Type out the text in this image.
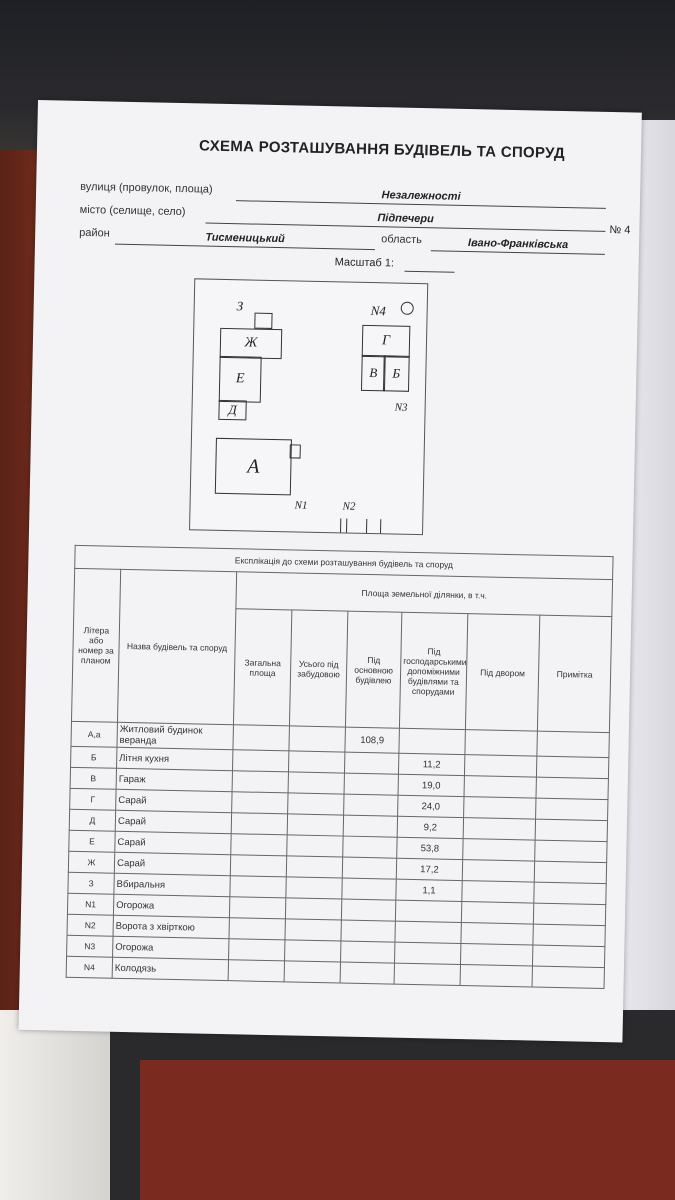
СХЕМА РОЗТАШУВАННЯ БУДІВЕЛЬ ТА СПОРУД
вулиця (провулок, площа)
Незалежності
№ 4
місто (селище, село)
Підпечери
район	Тисменицький	область	Івано-Франківська
Масштаб 1:
З
Ж
Е
Д
А
N4
Г
В	Б
N3
N1	N2
Експлікація до схеми розташування будівель та споруд							
Літера або номер за планом	Назва будівель та споруд	Площа земельної ділянки, в т.ч.					
		Загальна площа	Усього під забудовою	Під основною будівлею	Під господарськими допоміжними будівлями та спорудами	Під двором	Примітка
А,а	Житловий будинок веранда			108,9			
Б	Літня кухня				11,2		
В	Гараж				19,0		
Г	Сарай				24,0		
Д	Сарай				9,2		
Е	Сарай				53,8		
Ж	Сарай				17,2		
З	Вбиральня				1,1		
N1	Огорожа						
N2	Ворота з хвірткою						
N3	Огорожа						
N4	Колодязь						
